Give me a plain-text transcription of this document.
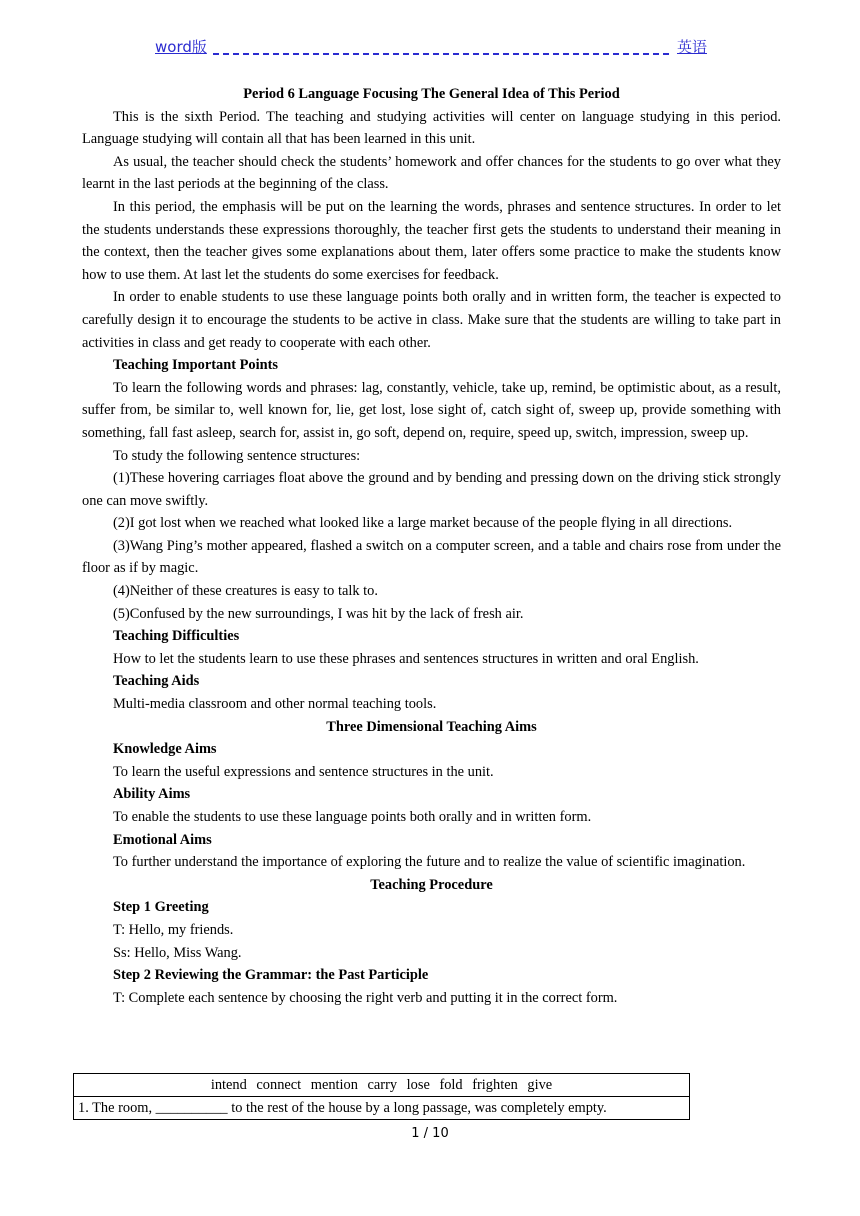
word版	英语

Period 6 Language Focusing The General Idea of This Period

This is the sixth Period. The teaching and studying activities will center on language studying in this period. Language studying will contain all that has been learned in this unit.

As usual, the teacher should check the students’ homework and offer chances for the students to go over what they learnt in the last periods at the beginning of the class.

In this period, the emphasis will be put on the learning the words, phrases and sentence structures. In order to let the students understands these expressions thoroughly, the teacher first gets the students to understand their meaning in the context, then the teacher gives some explanations about them, later offers some practice to make the students know how to use them. At last let the students do some exercises for feedback.

In order to enable students to use these language points both orally and in written form, the teacher is expected to carefully design it to encourage the students to be active in class. Make sure that the students are willing to take part in activities in class and get ready to cooperate with each other.

Teaching Important Points

To learn the following words and phrases: lag, constantly, vehicle, take up, remind, be optimistic about, as a result, suffer from, be similar to, well known for, lie, get lost, lose sight of, catch sight of, sweep up, provide something with something, fall fast asleep, search for, assist in, go soft, depend on, require, speed up, switch, impression, sweep up.

To study the following sentence structures:

(1)These hovering carriages float above the ground and by bending and pressing down on the driving stick strongly one can move swiftly.

(2)I got lost when we reached what looked like a large market because of the people flying in all directions.

(3)Wang Ping’s mother appeared, flashed a switch on a computer screen, and a table and chairs rose from under the floor as if by magic.

(4)Neither of these creatures is easy to talk to.

(5)Confused by the new surroundings, I was hit by the lack of fresh air.

Teaching Difficulties

How to let the students learn to use these phrases and sentences structures in written and oral English.

Teaching Aids

Multi-media classroom and other normal teaching tools.

Three Dimensional Teaching Aims

Knowledge Aims

To learn the useful expressions and sentence structures in the unit.

Ability Aims

To enable the students to use these language points both orally and in written form.

Emotional Aims

To further understand the importance of exploring the future and to realize the value of scientific imagination.

Teaching Procedure

Step 1 Greeting

T: Hello, my friends.

Ss: Hello, Miss Wang.

Step 2 Reviewing the Grammar: the Past Participle

T: Complete each sentence by choosing the right verb and putting it in the correct form.

intend connect mention carry lose fold frighten give
1. The room, __________ to the rest of the house by a long passage, was completely empty.
1 / 10
